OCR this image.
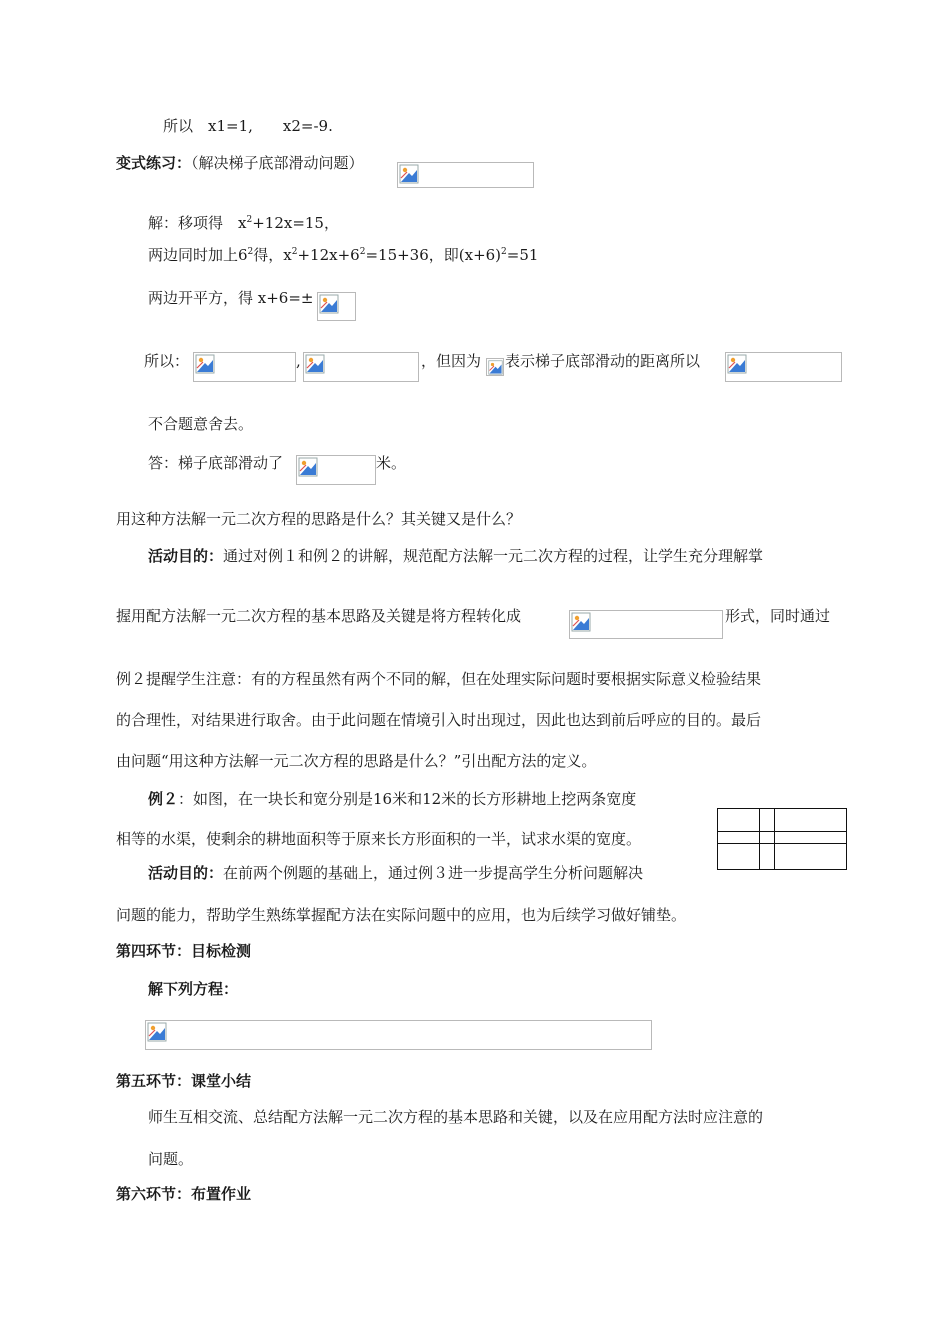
所以　x1=1,　　x2=-9.
变式练习：（解决梯子底部滑动问题）
解：移项得　$x^2+12x=15$，
两边同时加上$6^2$得，$x^2+12x+6^2=15+36$，即$(x+6)^2=51$
两边开平方，得 x+6=±
所以：	,	，但因为 表示梯子底部滑动的距离所以
不合题意舍去。
答：梯子底部滑动了	米。
用这种方法解一元二次方程的思路是什么？其关键又是什么？
活动目的：通过对例１和例２的讲解，规范配方法解一元二次方程的过程，让学生充分理解掌
握用配方法解一元二次方程的基本思路及关键是将方程转化成	形式，同时通过
例２提醒学生注意：有的方程虽然有两个不同的解，但在处理实际问题时要根据实际意义检验结果
的合理性，对结果进行取舍。由于此问题在情境引入时出现过，因此也达到前后呼应的目的。最后
由问题“用这种方法解一元二次方程的思路是什么？”引出配方法的定义。
例２：如图，在一块长和宽分别是16米和12米的长方形耕地上挖两条宽度
相等的水渠，使剩余的耕地面积等于原来长方形面积的一半，试求水渠的宽度。
活动目的：在前两个例题的基础上，通过例３进一步提高学生分析问题解决
问题的能力，帮助学生熟练掌握配方法在实际问题中的应用，也为后续学习做好铺垫。
第四环节：目标检测
解下列方程：
第五环节：课堂小结
师生互相交流、总结配方法解一元二次方程的基本思路和关键，以及在应用配方法时应注意的
问题。
第六环节：布置作业
